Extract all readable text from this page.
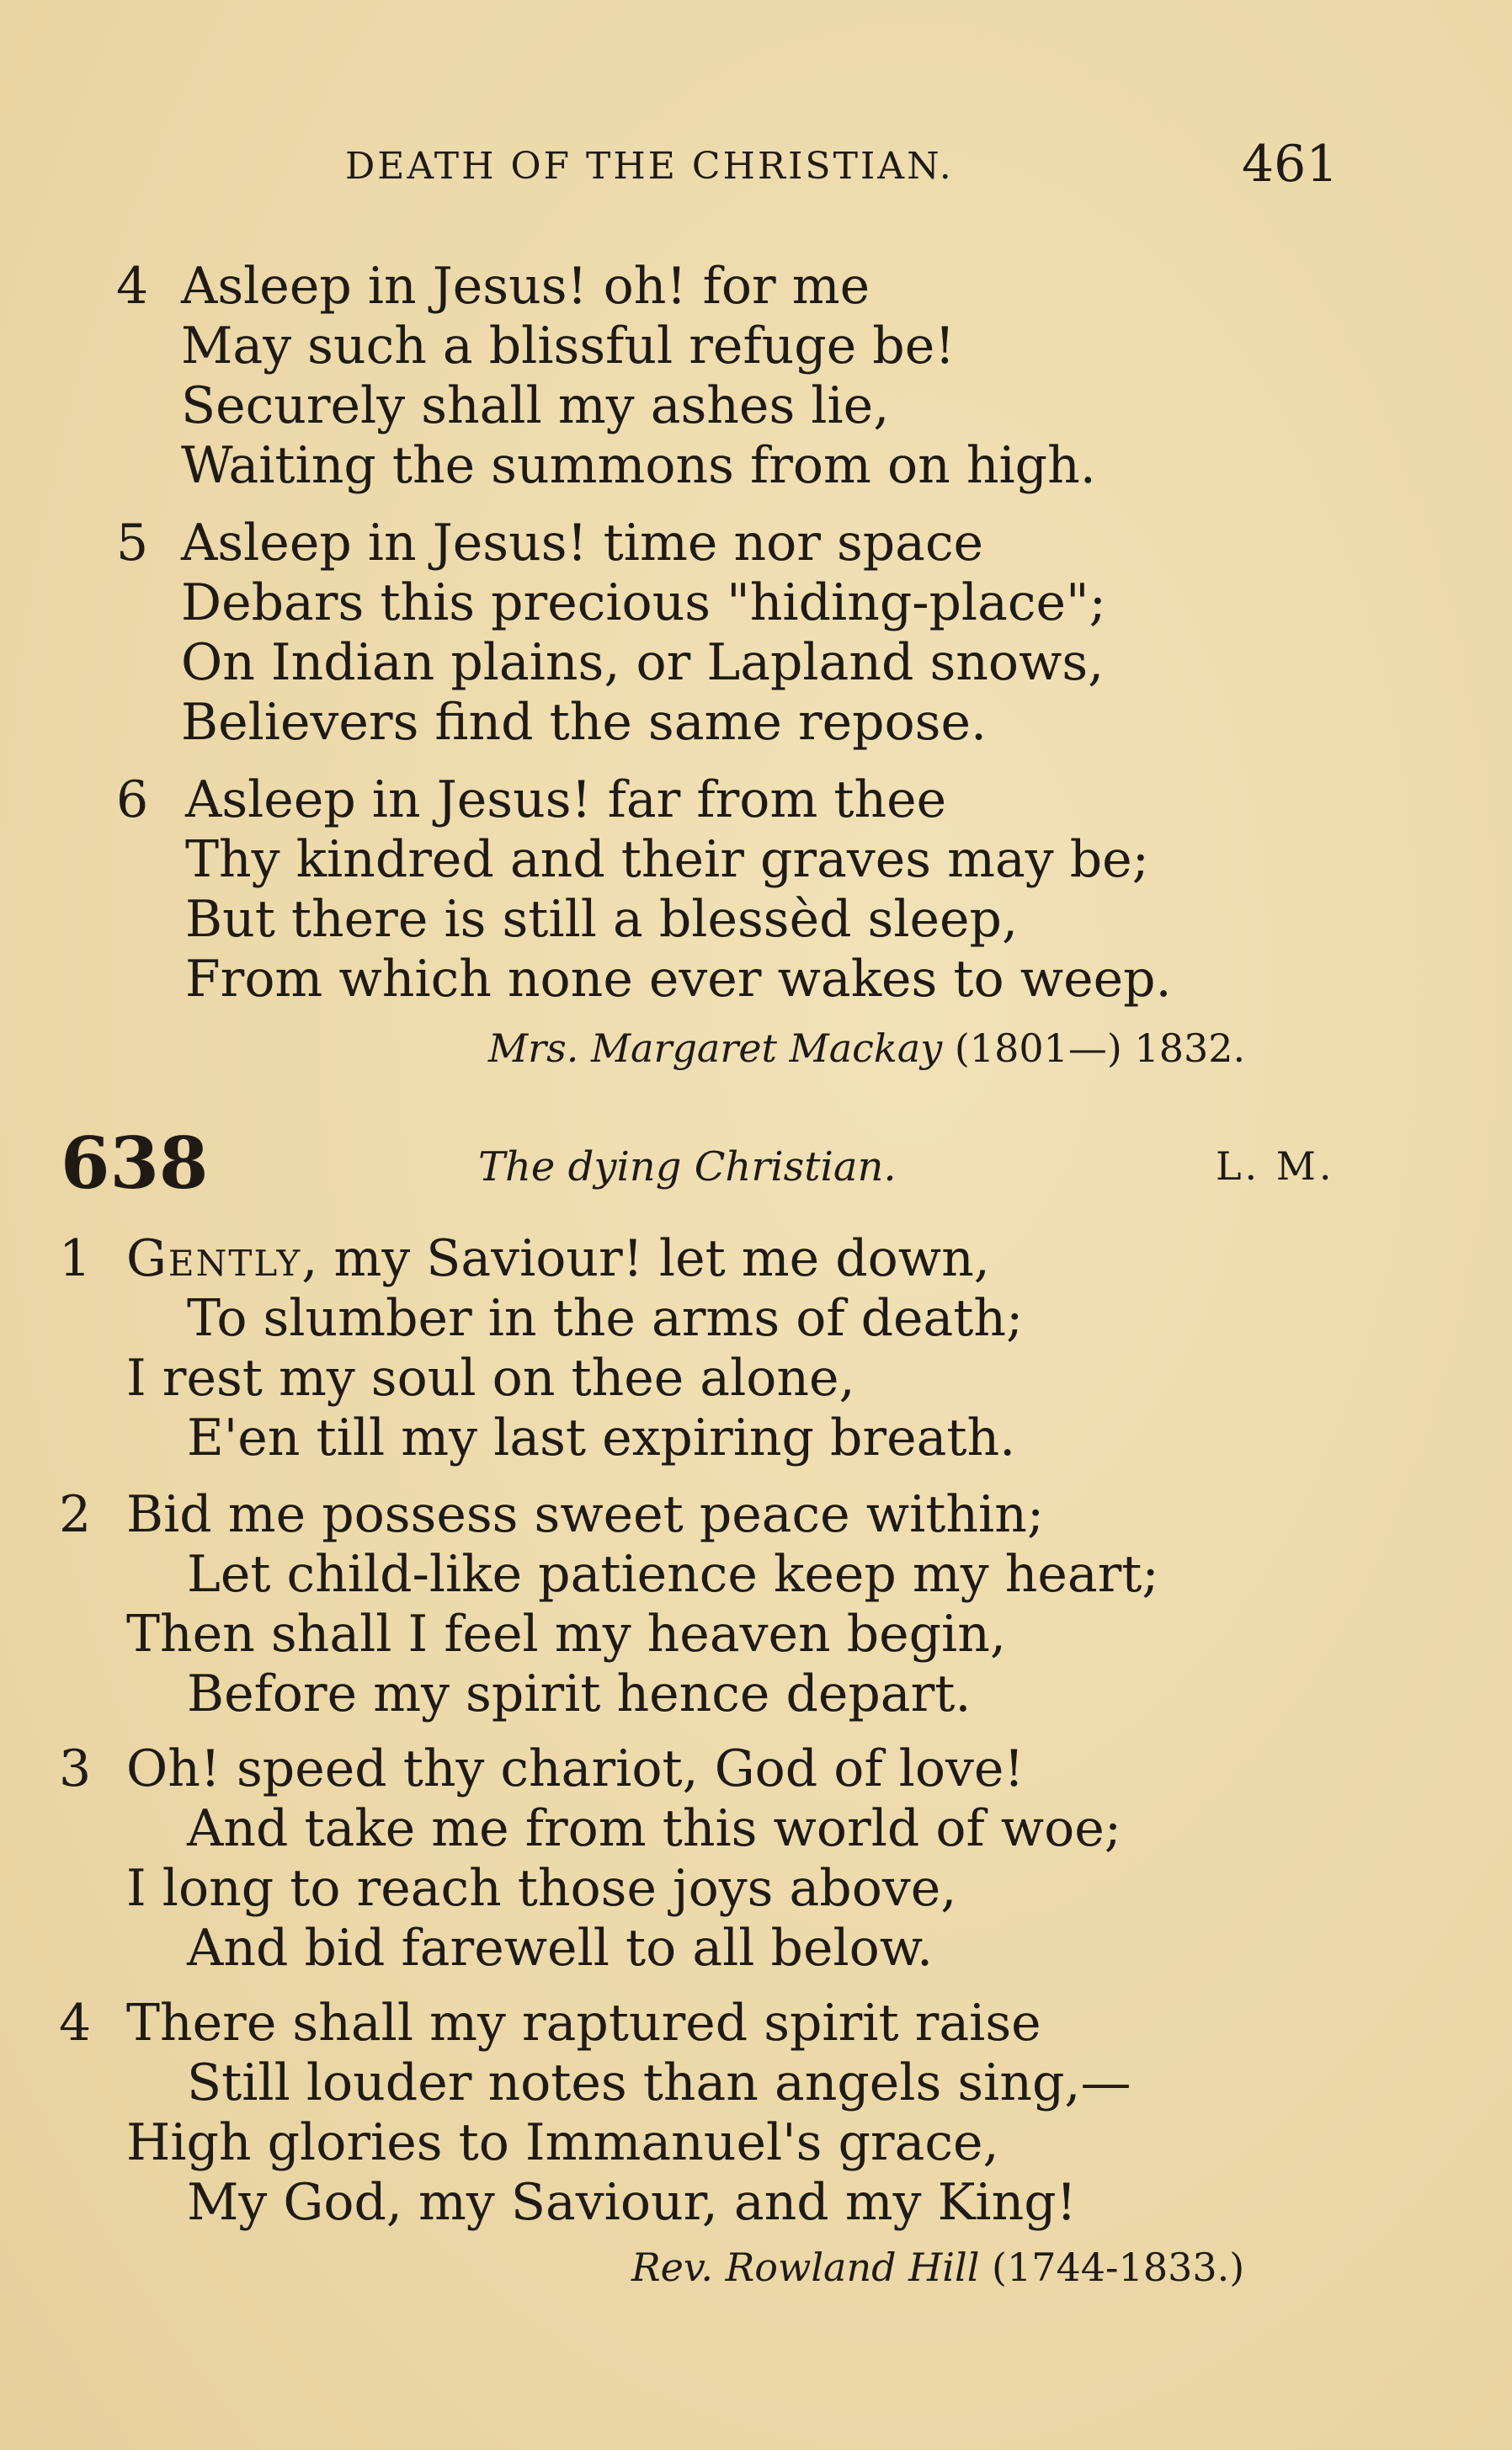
DEATH OF THE CHRISTIAN.	461
4 Asleep in Jesus! oh! for me
May such a blissful refuge be!
Securely shall my ashes lie,
Waiting the summons from on high.
5 Asleep in Jesus! time nor space
Debars this precious "hiding-place";
On Indian plains, or Lapland snows,
Believers find the same repose.
6 Asleep in Jesus! far from thee
Thy kindred and their graves may be;
But there is still a blessèd sleep,
From which none ever wakes to weep.
Mrs. Margaret Mackay (1801—) 1832.
638	The dying Christian.	L. M.
1 Gently, my Saviour! let me down,
To slumber in the arms of death;
I rest my soul on thee alone,
E'en till my last expiring breath.
2 Bid me possess sweet peace within;
Let child-like patience keep my heart;
Then shall I feel my heaven begin,
Before my spirit hence depart.
3 Oh! speed thy chariot, God of love!
And take me from this world of woe;
I long to reach those joys above,
And bid farewell to all below.
4 There shall my raptured spirit raise
Still louder notes than angels sing,—
High glories to Immanuel's grace,
My God, my Saviour, and my King!
Rev. Rowland Hill (1744-1833.)
